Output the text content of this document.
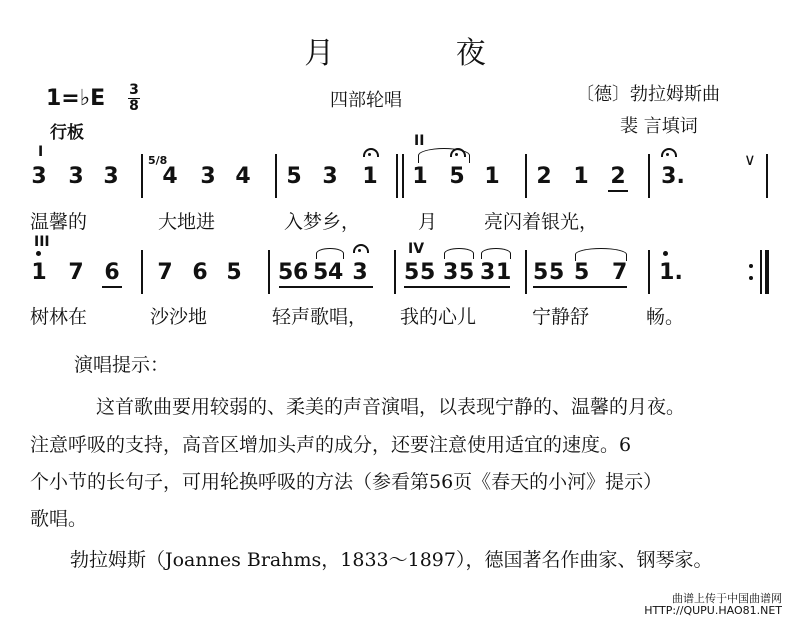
月 夜
1=♭E 3
8
行板
四部轮唱	〔德〕勃拉姆斯曲
裴 言填词
I
II
3 3 3
5/8
4 3 4 5 3 1 1 5 1 2 1 2 3.
∨
温馨的	大地进	入梦乡，	月 亮闪着银光，
III	IV
1 7 6 7 6 5 5 6 5 4 3 5 5 3 5 3 1 5 5 5 7 1.
树林在	沙沙地	轻声歌唱， 我的心儿	宁静舒	畅。
演唱提示：
这首歌曲要用较弱的、柔美的声音演唱，以表现宁静的、温馨的月夜。
注意呼吸的支持，高音区增加头声的成分，还要注意使用适宜的速度。6
个小节的长句子，可用轮换呼吸的方法（参看第56页《春天的小河》提示）
歌唱。
勃拉姆斯（Joannes Brahms，1833～1897），德国著名作曲家、钢琴家。
曲谱上传于中国曲谱网
HTTP://QUPU.HAO81.NET
